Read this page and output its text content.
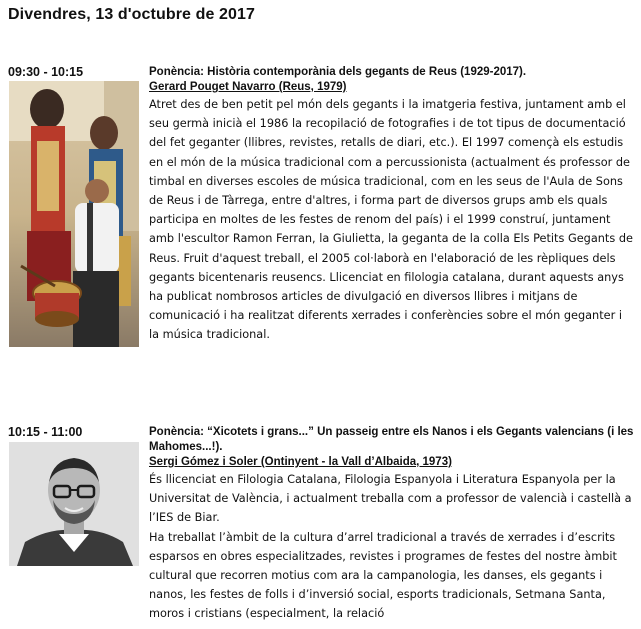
Divendres, 13 d'octubre de 2017
09:30 - 10:15	Ponència: Història contemporània dels gegants de Reus (1929-2017).
Gerard Pouget Navarro (Reus, 1979)

Atret des de ben petit pel món dels gegants i la imatgeria festiva, juntament amb el seu germà inicià el 1986 la recopilació de fotografies i de tot tipus de documentació del fet geganter (llibres, revistes, retalls de diari, etc.). El 1997 començà els estudis en el món de la música tradicional com a percussionista (actualment és professor de timbal en diverses escoles de música tradicional, com en les seus de l'Aula de Sons de Reus i de Tàrrega, entre d'altres, i forma part de diversos grups amb els quals participa en moltes de les festes de renom del país) i el 1999 construí, juntament amb l'escultor Ramon Ferran, la Giulietta, la geganta de la colla Els Petits Gegants de Reus. Fruit d'aquest treball, el 2005 col·laborà en l'elaboració de les rèpliques dels gegants bicentenaris reusencs. Llicenciat en filologia catalana, durant aquests anys ha publicat nombrosos articles de divulgació en diversos llibres i mitjans de comunicació i ha realitzat diferents xerrades i conferències sobre el món geganter i la música tradicional.

10:15 - 11:00	Ponència: “Xicotets i grans...” Un passeig entre els Nanos i els Gegants valencians (i les Mahomes...!).
Sergi Gómez i Soler (Ontinyent - la Vall d’Albaida, 1973)

És llicenciat en Filologia Catalana, Filologia Espanyola i Literatura Espanyola per la Universitat de València, i actualment treballa com a professor de valencià i castellà a l’IES de Biar.

Ha treballat l’àmbit de la cultura d’arrel tradicional a través de xerrades i d’escrits esparsos en obres especialitzades, revistes i programes de festes del nostre àmbit cultural que recorren motius com ara la campanologia, les danses, els gegants i nanos, les festes de folls i d’inversió social, esports tradicionals, Setmana Santa, moros i cristians (especialment, la relació
